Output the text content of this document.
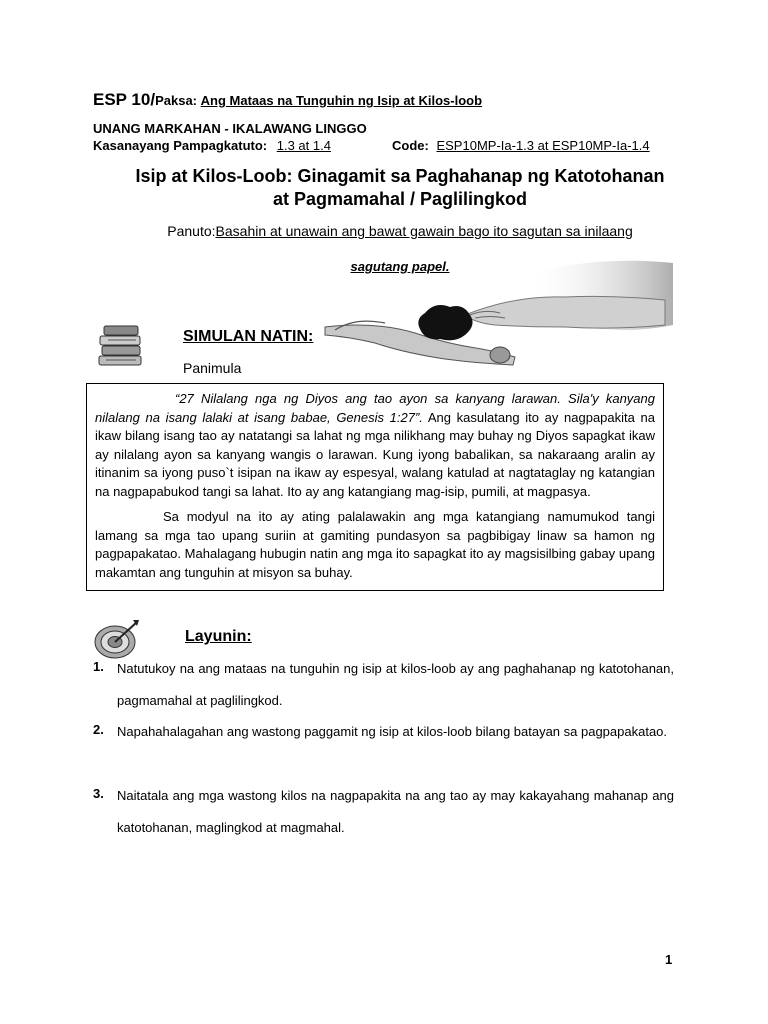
ESP 10/Paksa: Ang Mataas na Tunguhin ng Isip at Kilos-loob
UNANG MARKAHAN - IKALAWANG LINGGO
Kasanayang Pampagkatuto: 1.3 at 1.4	Code: ESP10MP-Ia-1.3 at ESP10MP-Ia-1.4
Isip at Kilos-Loob: Ginagamit sa Paghahanap ng Katotohanan
at Pagmamahal / Paglilingkod
Panuto:Basahin at unawain ang bawat gawain bago ito sagutan sa inilaang
sagutang papel.
SIMULAN NATIN:
Panimula

“27 Nilalang nga ng Diyos ang tao ayon sa kanyang larawan. Sila'y kanyang nilalang na isang lalaki at isang babae, Genesis 1:27”. Ang kasulatang ito ay nagpapakita na ikaw bilang isang tao ay natatangi sa lahat ng mga nilikhang may buhay ng Diyos sapagkat ikaw ay nilalang ayon sa kanyang wangis o larawan. Kung iyong babalikan, sa nakaraang aralin ay itinanim sa iyong puso`t isipan na ikaw ay espesyal, walang katulad at nagtataglay ng katangian na nagpapabukod tangi sa lahat. Ito ay ang katangiang mag-isip, pumili, at magpasya.

Sa modyul na ito ay ating palalawakin ang mga katangiang namumukod tangi lamang sa mga tao upang suriin at gamiting pundasyon sa pagbibigay linaw sa hamon ng pagpapakatao. Mahalagang hubugin natin ang mga ito sapagkat ito ay magsisilbing gabay upang makamtan ang tunguhin at misyon sa buhay.

Layunin:
1. Natutukoy na ang mataas na tunguhin ng isip at kilos-loob ay ang paghahanap ng katotohanan, pagmamahal at paglilingkod.
2. Napahahalagahan ang wastong paggamit ng isip at kilos-loob bilang batayan sa pagpapakatao.
3. Naitatala ang mga wastong kilos na nagpapakita na ang tao ay may kakayahang mahanap ang katotohanan, maglingkod at magmahal.
1
